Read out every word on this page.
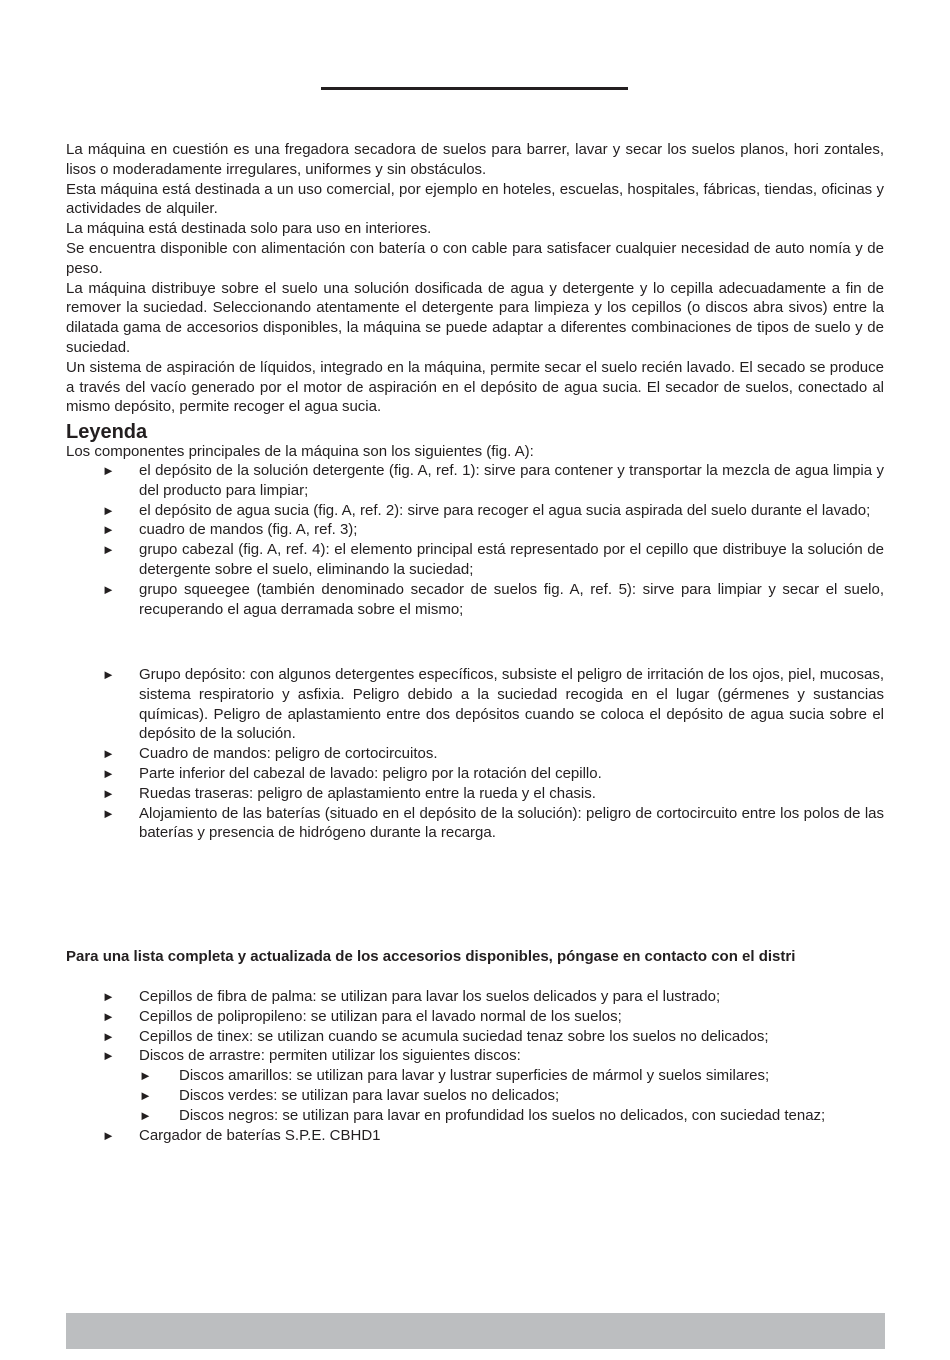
La máquina en cuestión es una fregadora secadora de suelos para barrer, lavar y secar los suelos planos, hori zontales, lisos o moderadamente irregulares, uniformes y sin obstáculos.

Esta máquina está destinada a un uso comercial, por ejemplo en hoteles, escuelas, hospitales, fábricas, tiendas, oficinas y actividades de alquiler.

La máquina está destinada solo para uso en interiores.

Se encuentra disponible con alimentación con batería o con cable para satisfacer cualquier necesidad de auto nomía y de peso.

La máquina distribuye sobre el suelo una solución dosificada de agua y detergente y lo cepilla adecuadamente a fin de remover la suciedad. Seleccionando atentamente el detergente para limpieza y los cepillos (o discos abra sivos) entre la dilatada gama de accesorios disponibles, la máquina se puede adaptar a diferentes combinaciones de tipos de suelo y de suciedad.

Un sistema de aspiración de líquidos, integrado en la máquina, permite secar el suelo recién lavado. El secado se produce a través del vacío generado por el motor de aspiración en el depósito de agua sucia. El secador de suelos, conectado al mismo depósito, permite recoger el agua sucia.

Leyenda

Los componentes principales de la máquina son los siguientes (fig. A):

► el depósito de la solución detergente (fig. A, ref. 1): sirve para contener y transportar la mezcla de agua limpia y del producto para limpiar;
► el depósito de agua sucia (fig. A, ref. 2): sirve para recoger el agua sucia aspirada del suelo durante el lavado;
► cuadro de mandos (fig. A, ref. 3);
► grupo cabezal (fig. A, ref. 4): el elemento principal está representado por el cepillo que distribuye la solución de detergente sobre el suelo, eliminando la suciedad;
► grupo squeegee (también denominado secador de suelos fig. A, ref. 5): sirve para limpiar y secar el suelo, recuperando el agua derramada sobre el mismo;
► Grupo depósito: con algunos detergentes específicos, subsiste el peligro de irritación de los ojos, piel, mucosas, sistema respiratorio y asfixia. Peligro debido a la suciedad recogida en el lugar (gérmenes y sustancias químicas). Peligro de aplastamiento entre dos depósitos cuando se coloca el depósito de agua sucia sobre el depósito de la solución.
► Cuadro de mandos: peligro de cortocircuitos.
► Parte inferior del cabezal de lavado: peligro por la rotación del cepillo.
► Ruedas traseras: peligro de aplastamiento entre la rueda y el chasis.
► Alojamiento de las baterías (situado en el depósito de la solución): peligro de cortocircuito entre los polos de las baterías y presencia de hidrógeno durante la recarga.

Para una lista completa y actualizada de los accesorios disponibles, póngase en contacto con el distri

► Cepillos de fibra de palma: se utilizan para lavar los suelos delicados y para el lustrado;
► Cepillos de polipropileno: se utilizan para el lavado normal de los suelos;
► Cepillos de tinex: se utilizan cuando se acumula suciedad tenaz sobre los suelos no delicados;
► Discos de arrastre: permiten utilizar los siguientes discos:
► Discos amarillos: se utilizan para lavar y lustrar superficies de mármol y suelos similares;
► Discos verdes: se utilizan para lavar suelos no delicados;
► Discos negros: se utilizan para lavar en profundidad los suelos no delicados, con suciedad tenaz;
► Cargador de baterías S.P.E. CBHD1
